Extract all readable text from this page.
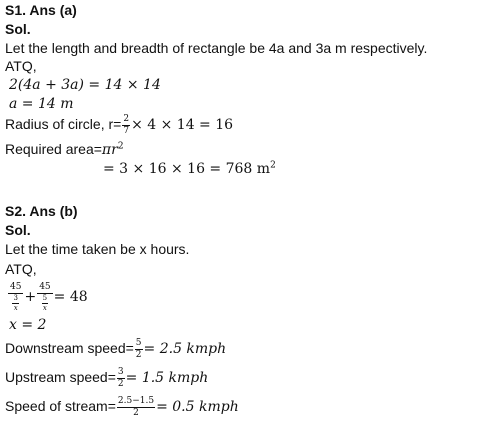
S1. Ans (a)
Sol.
Let the length and breadth of rectangle be 4a and 3a m respectively.
ATQ,
2(4a + 3a) = 14 × 14
a = 14 m
Radius of circle, $r= \frac{2}{7} \times 4 \times 14 = 16$
Required $area=\pi r^2$
= 3 × 16 × 16 = 768 $m^2$
S2. Ans (b)
Sol.
Let the time taken be x hours.
ATQ,
45
$\frac{3}{x}$ +
45
$\frac{5}{x} = 48$
x = 2
Downstream speed= $\frac{5}{2} = 2.5$ kmph
Upstream speed= $\frac{3}{2} = 1.5$ kmph
Speed of stream= $\frac{2.5-1.5}{2} = 0.5$ kmph
